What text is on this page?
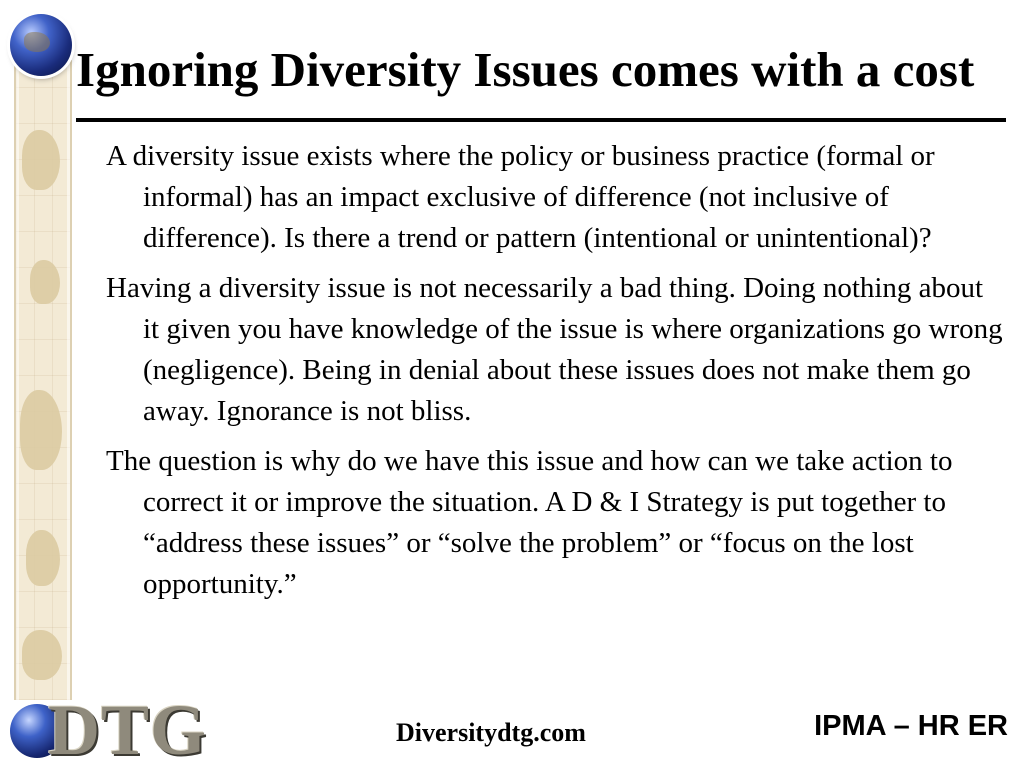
Ignoring Diversity Issues comes with a cost
A diversity issue exists where the policy or business practice (formal or informal) has an impact exclusive of difference (not inclusive of difference). Is there a trend or pattern (intentional or unintentional)?
Having a diversity issue is not necessarily a bad thing. Doing nothing about it given you have knowledge of the issue is where organizations go wrong (negligence). Being in denial about these issues does not make them go away. Ignorance is not bliss.
The question is why do we have this issue and how can we take action to correct it or improve the situation. A D & I Strategy is put together to “address these issues” or “solve the problem” or “focus on the lost opportunity.”
DTG	Diversitydtg.com	IPMA – HR ER
